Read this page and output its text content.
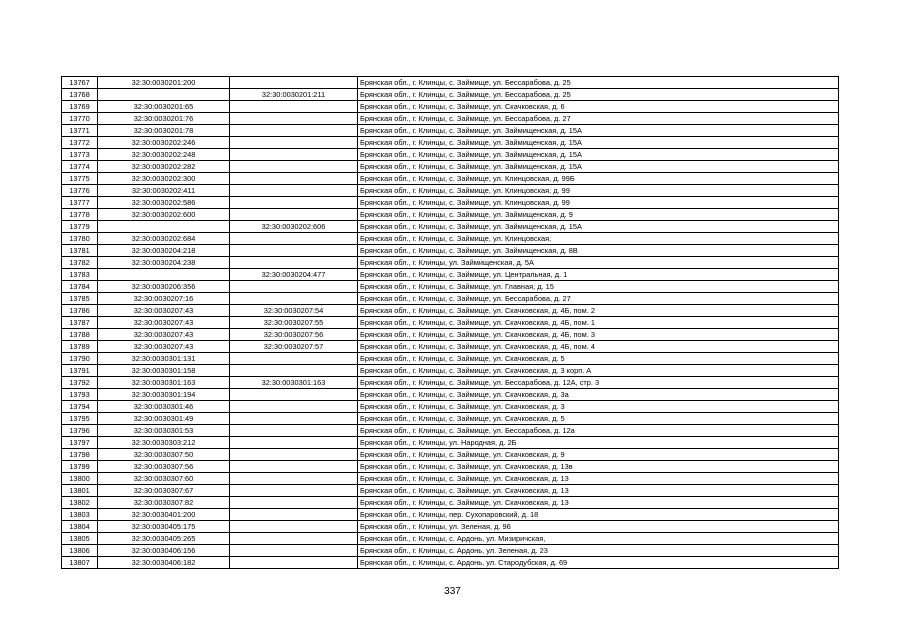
13767	32:30:0030201:200		Брянская обл., г. Клинцы, с. Займище, ул. Бессарабова, д. 25
13768		32:30:0030201:211	Брянская обл., г. Клинцы, с. Займище, ул. Бессарабова, д. 25
13769	32:30:0030201:65		Брянская обл., г. Клинцы, с. Займище, ул. Скачковская, д. 6
13770	32:30:0030201:76		Брянская обл., г. Клинцы, с. Займище, ул. Бессарабова, д. 27
13771	32:30:0030201:78		Брянская обл., г. Клинцы, с. Займище, ул. Займищенская, д. 15А
13772	32:30:0030202:246		Брянская обл., г. Клинцы, с. Займище, ул. Займищенская, д. 15А
13773	32:30:0030202:248		Брянская обл., г. Клинцы, с. Займище, ул. Займищенская, д. 15А
13774	32:30:0030202:282		Брянская обл., г. Клинцы, с. Займище, ул. Займищенская, д. 15А
13775	32:30:0030202:300		Брянская обл., г. Клинцы, с. Займище, ул. Клинцовская, д. 99Б
13776	32:30:0030202:411		Брянская обл., г. Клинцы, с. Займище, ул. Клинцовская, д. 99
13777	32:30:0030202:586		Брянская обл., г. Клинцы, с. Займище, ул. Клинцовская, д. 99
13778	32:30:0030202:600		Брянская обл., г. Клинцы, с. Займище, ул. Займищенская, д. 9
13779		32:30:0030202:606	Брянская обл., г. Клинцы, с. Займище, ул. Займищенская, д. 15А
13780	32:30:0030202:684		Брянская обл., г. Клинцы, с. Займище, ул. Клинцовская,
13781	32:30:0030204:218		Брянская обл., г. Клинцы, с. Займище, ул. Займищенская, д. 8В
13782	32:30:0030204:238		Брянская обл., г. Клинцы, ул. Займищенская, д. 5А
13783		32:30:0030204:477	Брянская обл., г. Клинцы, с. Займище, ул. Центральная, д. 1
13784	32:30:0030206:356		Брянская обл., г. Клинцы, с. Займище, ул. Главная, д. 15
13785	32:30:0030207:16		Брянская обл., г. Клинцы, с. Займище, ул. Бессарабова, д. 27
13786	32:30:0030207:43	32:30:0030207:54	Брянская обл., г. Клинцы, с. Займище, ул. Скачковская, д. 4Б, пом. 2
13787	32:30:0030207:43	32:30:0030207:55	Брянская обл., г. Клинцы, с. Займище, ул. Скачковская, д. 4Б, пом. 1
13788	32:30:0030207:43	32:30:0030207:56	Брянская обл., г. Клинцы, с. Займище, ул. Скачковская, д. 4Б, пом. 3
13789	32:30:0030207:43	32:30:0030207:57	Брянская обл., г. Клинцы, с. Займище, ул. Скачковская, д. 4Б, пом. 4
13790	32:30:0030301:131		Брянская обл., г. Клинцы, с. Займище, ул. Скачковская, д. 5
13791	32:30:0030301:158		Брянская обл., г. Клинцы, с. Займище, ул. Скачковская, д. 3 корп. А
13792	32:30:0030301:163	32:30:0030301:163	Брянская обл., г. Клинцы, с. Займище, ул. Бессарабова, д. 12А, стр. 3
13793	32:30:0030301:194		Брянская обл., г. Клинцы, с. Займище, ул. Скачковская, д. 3а
13794	32:30:0030301:46		Брянская обл., г. Клинцы, с. Займище, ул. Скачковская, д. 3
13795	32:30:0030301:49		Брянская обл., г. Клинцы, с. Займище, ул. Скачковская, д. 5
13796	32:30:0030301:53		Брянская обл., г. Клинцы, с. Займище, ул. Бессарабова, д. 12а
13797	32:30:0030303:212		Брянская обл., г. Клинцы, ул. Народная, д. 2Б
13798	32:30:0030307:50		Брянская обл., г. Клинцы, с. Займище, ул. Скачковская, д. 9
13799	32:30:0030307:56		Брянская обл., г. Клинцы, с. Займище, ул. Скачковская, д. 13в
13800	32:30:0030307:60		Брянская обл., г. Клинцы, с. Займище, ул. Скачковская, д. 13
13801	32:30:0030307:67		Брянская обл., г. Клинцы, с. Займище, ул. Скачковская, д. 13
13802	32:30:0030307:82		Брянская обл., г. Клинцы, с. Займище, ул. Скачковская, д. 13
13803	32:30:0030401:200		Брянская обл., г. Клинцы, пер. Сухопаровский, д. 18
13804	32:30:0030405:175		Брянская обл., г. Клинцы, ул. Зеленая, д. 96
13805	32:30:0030405:265		Брянская обл., г. Клинцы, с. Ардонь, ул. Мизиричская,
13806	32:30:0030406:156		Брянская обл., г. Клинцы, с. Ардонь, ул. Зеленая, д. 23
13807	32:30:0030406:182		Брянская обл., г. Клинцы, с. Ардонь, ул. Стародубская, д. 69
337
